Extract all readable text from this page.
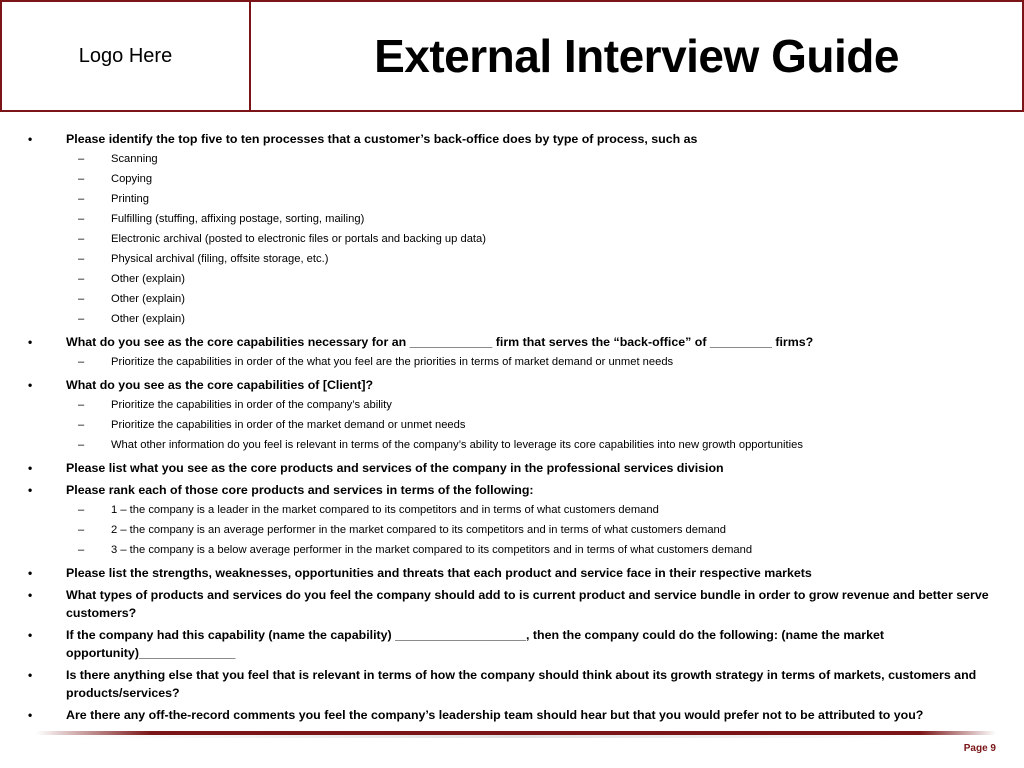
Logo Here	External Interview Guide
•	Please identify the top five to ten processes that a customer’s back-office does by type of process, such as
– Scanning
– Copying
– Printing
– Fulfilling (stuffing, affixing postage, sorting, mailing)
– Electronic archival (posted to electronic files or portals and backing up data)
– Physical archival (filing, offsite storage, etc.)
– Other (explain)
– Other (explain)
– Other (explain)
•	What do you see as the core capabilities necessary for an ____________ firm that serves the “back-office” of _________ firms?
– Prioritize the capabilities in order of the what you feel are the priorities in terms of market demand or unmet needs
•	What do you see as the core capabilities of [Client]?
– Prioritize the capabilities in order of the company’s ability
– Prioritize the capabilities in order of the market demand or unmet needs
– What other information do you feel is relevant in terms of the company’s ability to leverage its core capabilities into new growth opportunities
•	Please list what you see as the core products and services of the company in the professional services division
•	Please rank each of those core products and services in terms of the following:
– 1 – the company is a leader in the market compared to its competitors and in terms of what customers demand
– 2 – the company is an average performer in the market compared to its competitors and in terms of what customers demand
– 3 – the company is a below average performer in the market compared to its competitors and in terms of what customers demand
•	Please list the strengths, weaknesses, opportunities and threats that each product and service face in their respective markets
•	What types of products and services do you feel the company should add to is current product and service bundle in order to grow revenue and better serve customers?
•	If the company had this capability (name the capability) ___________________, then the company could do the following: (name the market opportunity)______________
•	Is there anything else that you feel that is relevant in terms of how the company should think about its growth strategy in terms of markets, customers and products/services?
•	Are there any off-the-record comments you feel the company’s leadership team should hear but that you would prefer not to be attributed to you?
Page 9
